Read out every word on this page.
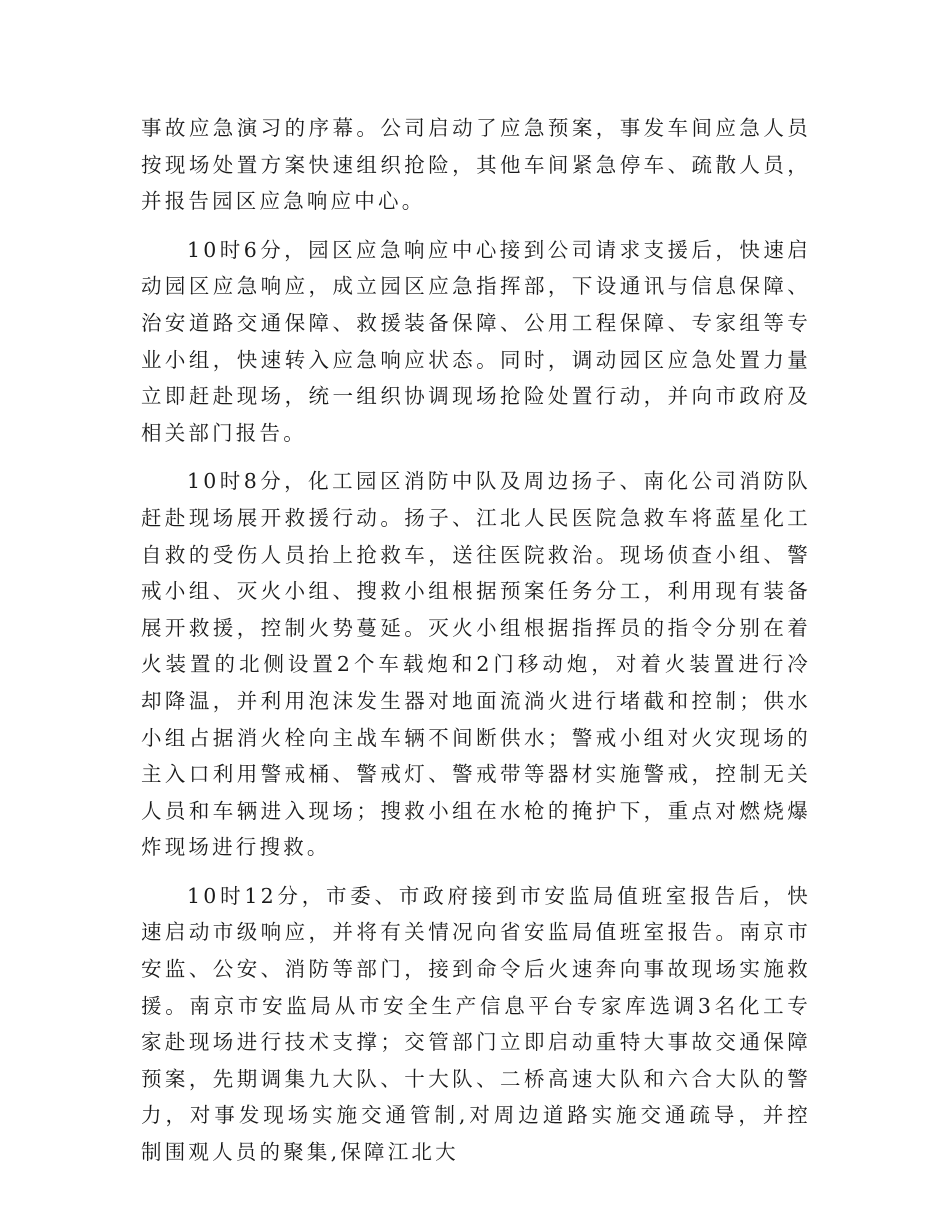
事故应急演习的序幕。公司启动了应急预案，事发车间应急人员按现场处置方案快速组织抢险，其他车间紧急停车、疏散人员，并报告园区应急响应中心。

10时6分，园区应急响应中心接到公司请求支援后，快速启动园区应急响应，成立园区应急指挥部，下设通讯与信息保障、治安道路交通保障、救援装备保障、公用工程保障、专家组等专业小组，快速转入应急响应状态。同时，调动园区应急处置力量立即赶赴现场，统一组织协调现场抢险处置行动，并向市政府及相关部门报告。

10时8分，化工园区消防中队及周边扬子、南化公司消防队赶赴现场展开救援行动。扬子、江北人民医院急救车将蓝星化工自救的受伤人员抬上抢救车，送往医院救治。现场侦查小组、警戒小组、灭火小组、搜救小组根据预案任务分工，利用现有装备展开救援，控制火势蔓延。灭火小组根据指挥员的指令分别在着火装置的北侧设置2个车载炮和2门移动炮，对着火装置进行冷却降温，并利用泡沫发生器对地面流淌火进行堵截和控制；供水小组占据消火栓向主战车辆不间断供水；警戒小组对火灾现场的主入口利用警戒桶、警戒灯、警戒带等器材实施警戒，控制无关人员和车辆进入现场；搜救小组在水枪的掩护下，重点对燃烧爆炸现场进行搜救。

10时12分，市委、市政府接到市安监局值班室报告后，快速启动市级响应，并将有关情况向省安监局值班室报告。南京市安监、公安、消防等部门，接到命令后火速奔向事故现场实施救援。南京市安监局从市安全生产信息平台专家库选调3名化工专家赴现场进行技术支撑；交管部门立即启动重特大事故交通保障预案，先期调集九大队、十大队、二桥高速大队和六合大队的警力，对事发现场实施交通管制,对周边道路实施交通疏导，并控制围观人员的聚集,保障江北大
